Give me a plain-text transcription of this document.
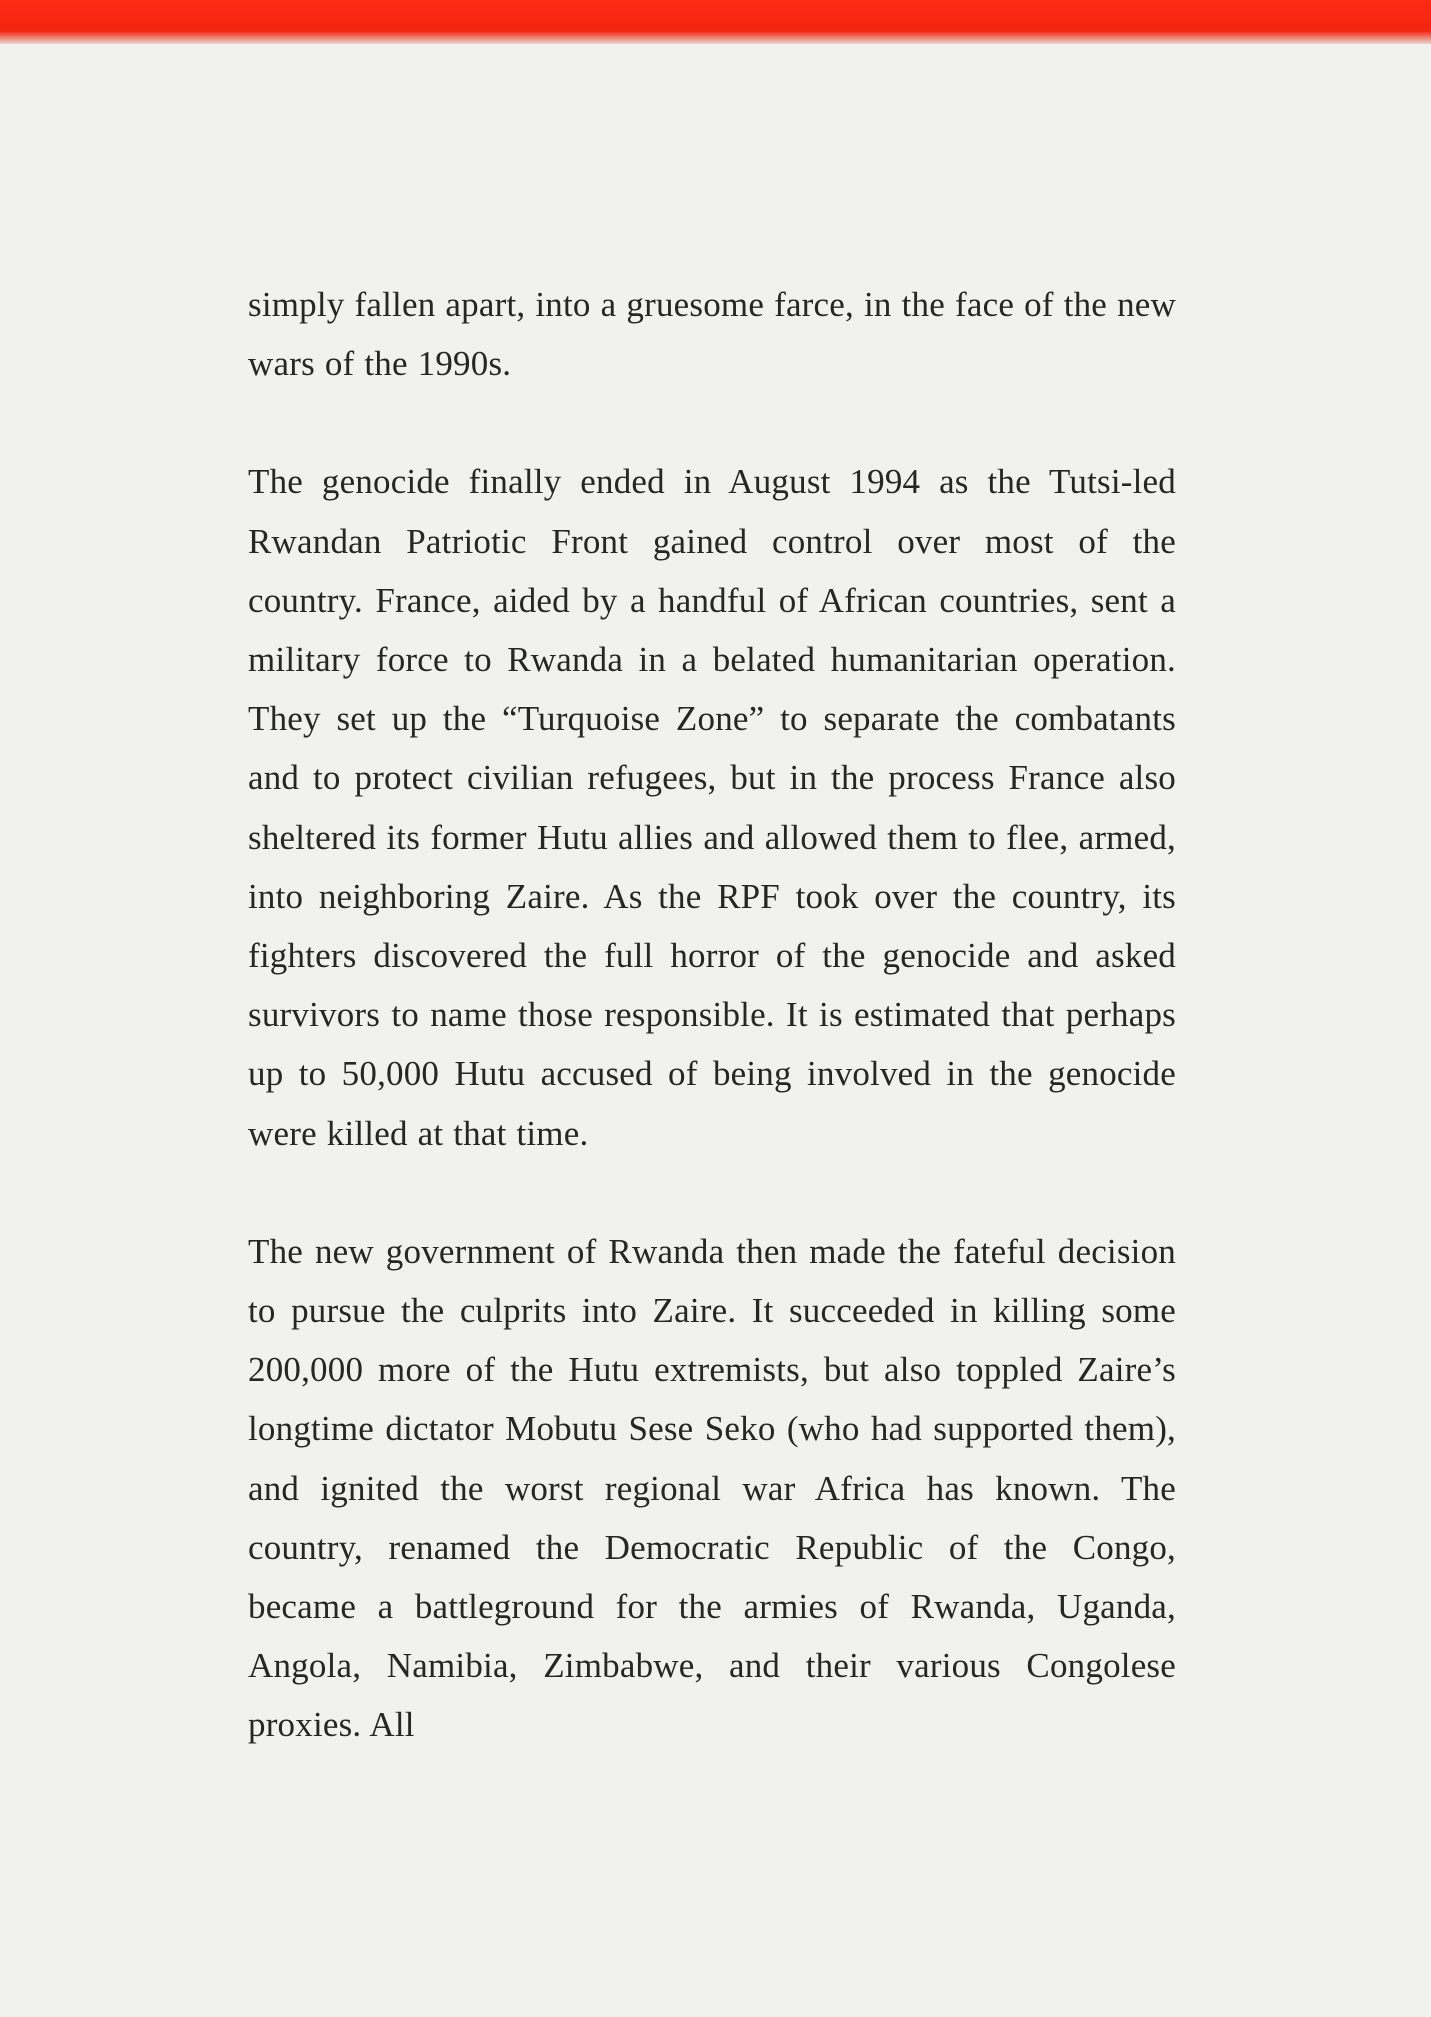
simply fallen apart, into a gruesome farce, in the face of the new wars of the 1990s.

The genocide finally ended in August 1994 as the Tutsi-led Rwandan Patriotic Front gained control over most of the country. France, aided by a handful of African countries, sent a military force to Rwanda in a belated humanitarian operation. They set up the “Turquoise Zone” to separate the combatants and to protect civilian refugees, but in the process France also sheltered its former Hutu allies and allowed them to flee, armed, into neighboring Zaire. As the RPF took over the country, its fighters discovered the full horror of the genocide and asked survivors to name those responsible. It is estimated that perhaps up to 50,000 Hutu accused of being involved in the genocide were killed at that time.

The new government of Rwanda then made the fateful decision to pursue the culprits into Zaire. It succeeded in killing some 200,000 more of the Hutu extremists, but also toppled Zaire’s longtime dictator Mobutu Sese Seko (who had supported them), and ignited the worst regional war Africa has known. The country, renamed the Democratic Republic of the Congo, became a battleground for the armies of Rwanda, Uganda, Angola, Namibia, Zimbabwe, and their various Congolese proxies. All
